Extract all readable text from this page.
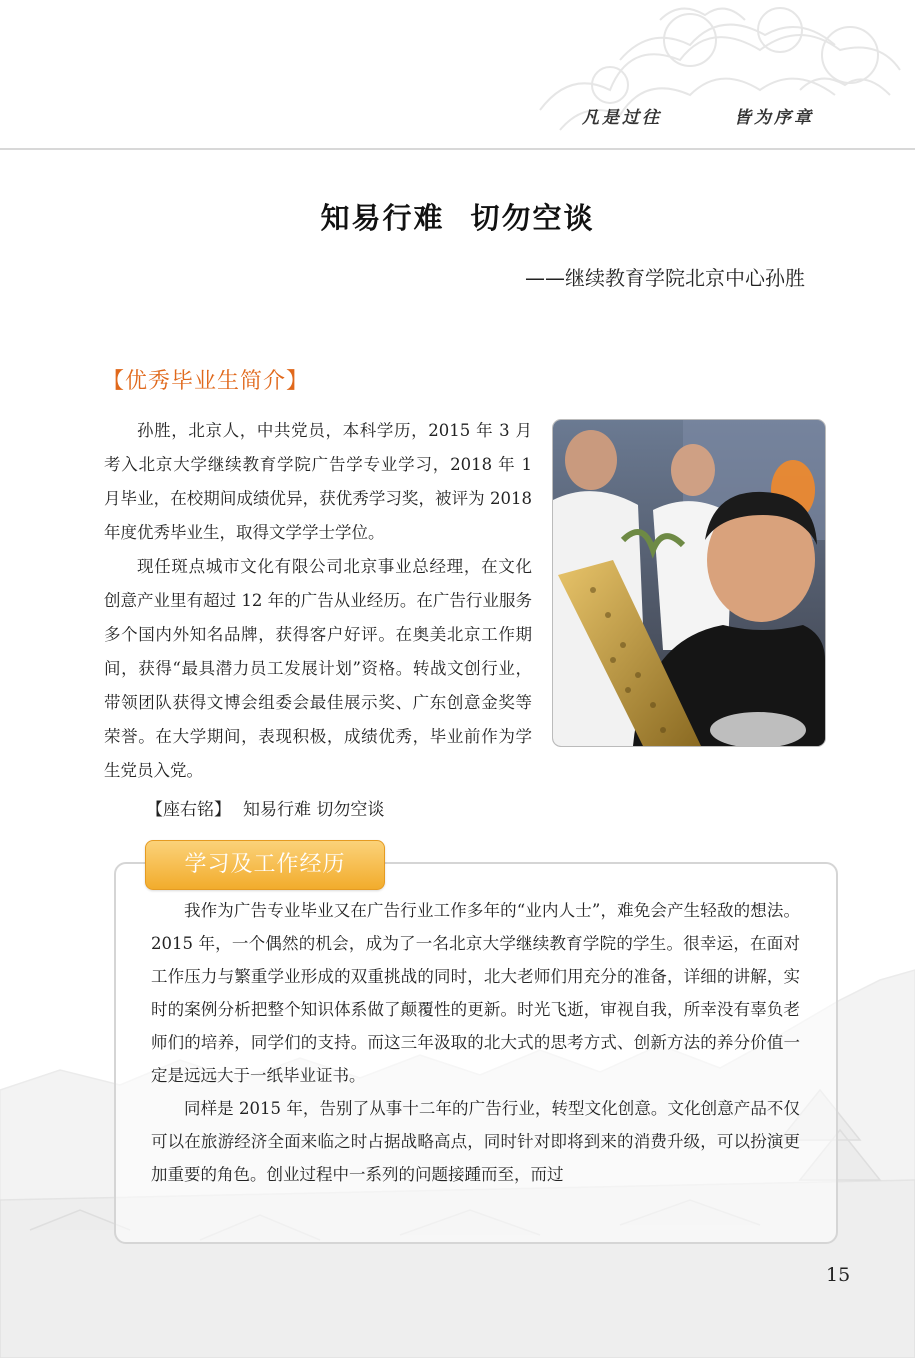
凡是过往	皆为序章
知易行难 切勿空谈
——继续教育学院北京中心孙胜
【优秀毕业生简介】

孙胜，北京人，中共党员，本科学历，2015 年 3 月考入北京大学继续教育学院广告学专业学习，2018 年 1 月毕业，在校期间成绩优异，获优秀学习奖，被评为 2018 年度优秀毕业生，取得文学学士学位。

现任斑点城市文化有限公司北京事业总经理，在文化创意产业里有超过 12 年的广告从业经历。在广告行业服务多个国内外知名品牌，获得客户好评。在奥美北京工作期间，获得“最具潜力员工发展计划”资格。转战文创行业，带领团队获得文博会组委会最佳展示奖、广东创意金奖等荣誉。在大学期间，表现积极，成绩优秀，毕业前作为学生党员入党。

【座右铭】 知易行难 切勿空谈
学习及工作经历

我作为广告专业毕业又在广告行业工作多年的“业内人士”，难免会产生轻敌的想法。2015 年，一个偶然的机会，成为了一名北京大学继续教育学院的学生。很幸运，在面对工作压力与繁重学业形成的双重挑战的同时，北大老师们用充分的准备，详细的讲解，实时的案例分析把整个知识体系做了颠覆性的更新。时光飞逝，审视自我，所幸没有辜负老师们的培养，同学们的支持。而这三年汲取的北大式的思考方式、创新方法的养分价值一定是远远大于一纸毕业证书。

同样是 2015 年，告别了从事十二年的广告行业，转型文化创意。文化创意产品不仅可以在旅游经济全面来临之时占据战略高点，同时针对即将到来的消费升级，可以扮演更加重要的角色。创业过程中一系列的问题接踵而至，而过

15
